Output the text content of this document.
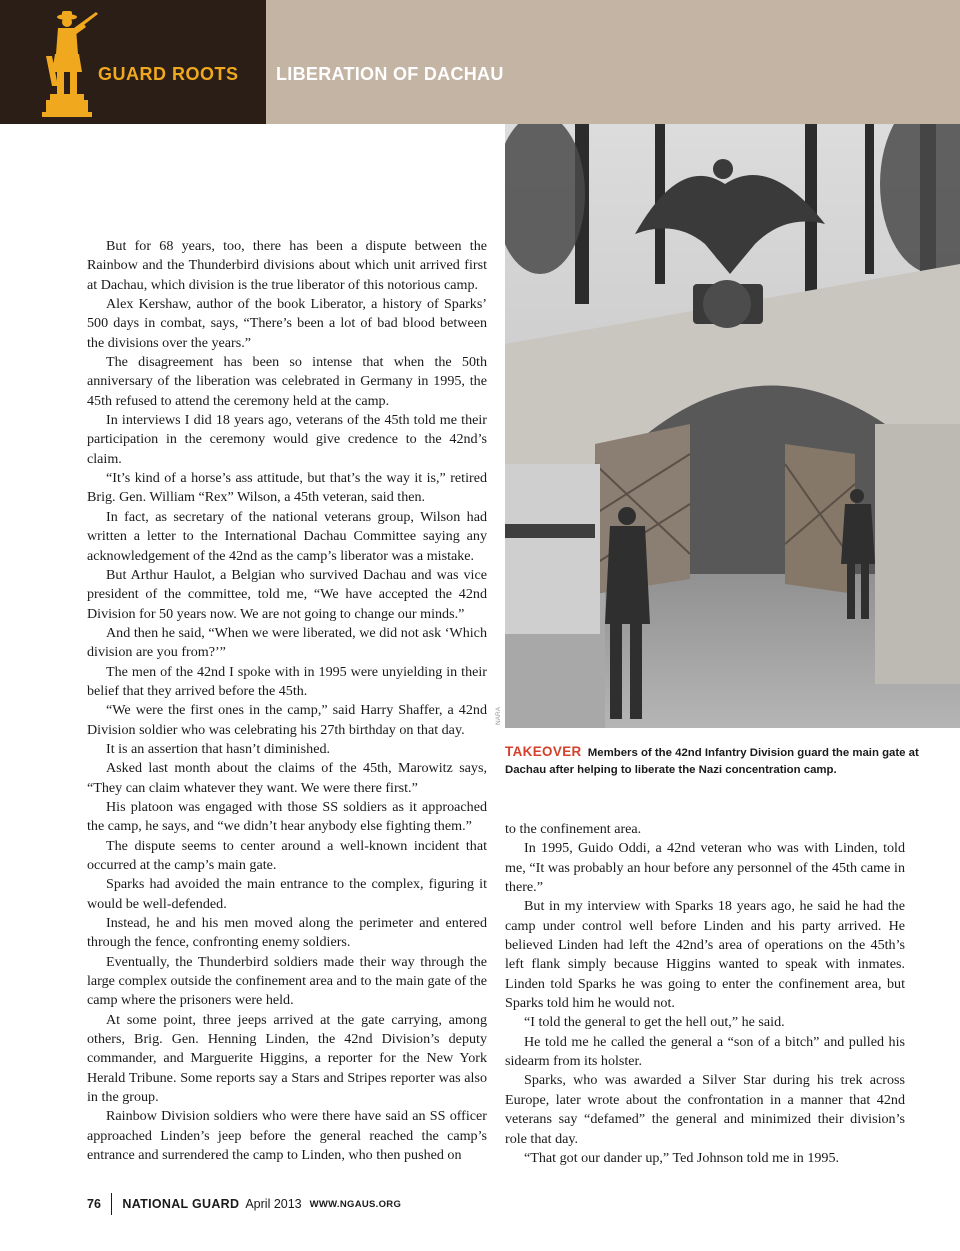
GUARD ROOTS LIBERATION OF DACHAU

But for 68 years, too, there has been a dispute between the Rainbow and the Thunderbird divisions about which unit arrived first at Dachau, which division is the true liberator of this notorious camp.

Alex Kershaw, author of the book Liberator, a history of Sparks’ 500 days in combat, says, “There’s been a lot of bad blood between the divisions over the years.”

The disagreement has been so intense that when the 50th anniversary of the liberation was celebrated in Germany in 1995, the 45th refused to attend the ceremony held at the camp.

In interviews I did 18 years ago, veterans of the 45th told me their participation in the ceremony would give credence to the 42nd’s claim.

“It’s kind of a horse’s ass attitude, but that’s the way it is,” retired Brig. Gen. William “Rex” Wilson, a 45th veteran, said then.

In fact, as secretary of the national veterans group, Wilson had written a letter to the International Dachau Committee saying any acknowledgement of the 42nd as the camp’s liberator was a mistake.

But Arthur Haulot, a Belgian who survived Dachau and was vice president of the committee, told me, “We have accepted the 42nd Division for 50 years now. We are not going to change our minds.”

And then he said, “When we were liberated, we did not ask ‘Which division are you from?’”

The men of the 42nd I spoke with in 1995 were unyielding in their belief that they arrived before the 45th.

“We were the first ones in the camp,” said Harry Shaffer, a 42nd Division soldier who was celebrating his 27th birthday on that day.

It is an assertion that hasn’t diminished.

Asked last month about the claims of the 45th, Marowitz says, “They can claim whatever they want. We were there first.”

His platoon was engaged with those SS soldiers as it approached the camp, he says, and “we didn’t hear anybody else fighting them.”

The dispute seems to center around a well-known incident that occurred at the camp’s main gate.

Sparks had avoided the main entrance to the complex, figuring it would be well-defended.

Instead, he and his men moved along the perimeter and entered through the fence, confronting enemy soldiers.

Eventually, the Thunderbird soldiers made their way through the large complex outside the confinement area and to the main gate of the camp where the prisoners were held.

At some point, three jeeps arrived at the gate carrying, among others, Brig. Gen. Henning Linden, the 42nd Division’s deputy commander, and Marguerite Higgins, a reporter for the New York Herald Tribune. Some reports say a Stars and Stripes reporter was also in the group.

Rainbow Division soldiers who were there have said an SS officer approached Linden’s jeep before the general reached the camp’s entrance and surrendered the camp to Linden, who then pushed on

NARA
TAKEOVER Members of the 42nd Infantry Division guard the main gate at Dachau after helping to liberate the Nazi concentration camp.

to the confinement area.

In 1995, Guido Oddi, a 42nd veteran who was with Linden, told me, “It was probably an hour before any personnel of the 45th came in there.”

But in my interview with Sparks 18 years ago, he said he had the camp under control well before Linden and his party arrived. He believed Linden had left the 42nd’s area of operations on the 45th’s left flank simply because Higgins wanted to speak with inmates. Linden told Sparks he was going to enter the confinement area, but Sparks told him he would not.

“I told the general to get the hell out,” he said.

He told me he called the general a “son of a bitch” and pulled his sidearm from its holster.

Sparks, who was awarded a Silver Star during his trek across Europe, later wrote about the confrontation in a manner that 42nd veterans say “defamed” the general and minimized their division’s role that day.

“That got our dander up,” Ted Johnson told me in 1995.

76 NATIONAL GUARD April 2013 WWW.NGAUS.ORG
